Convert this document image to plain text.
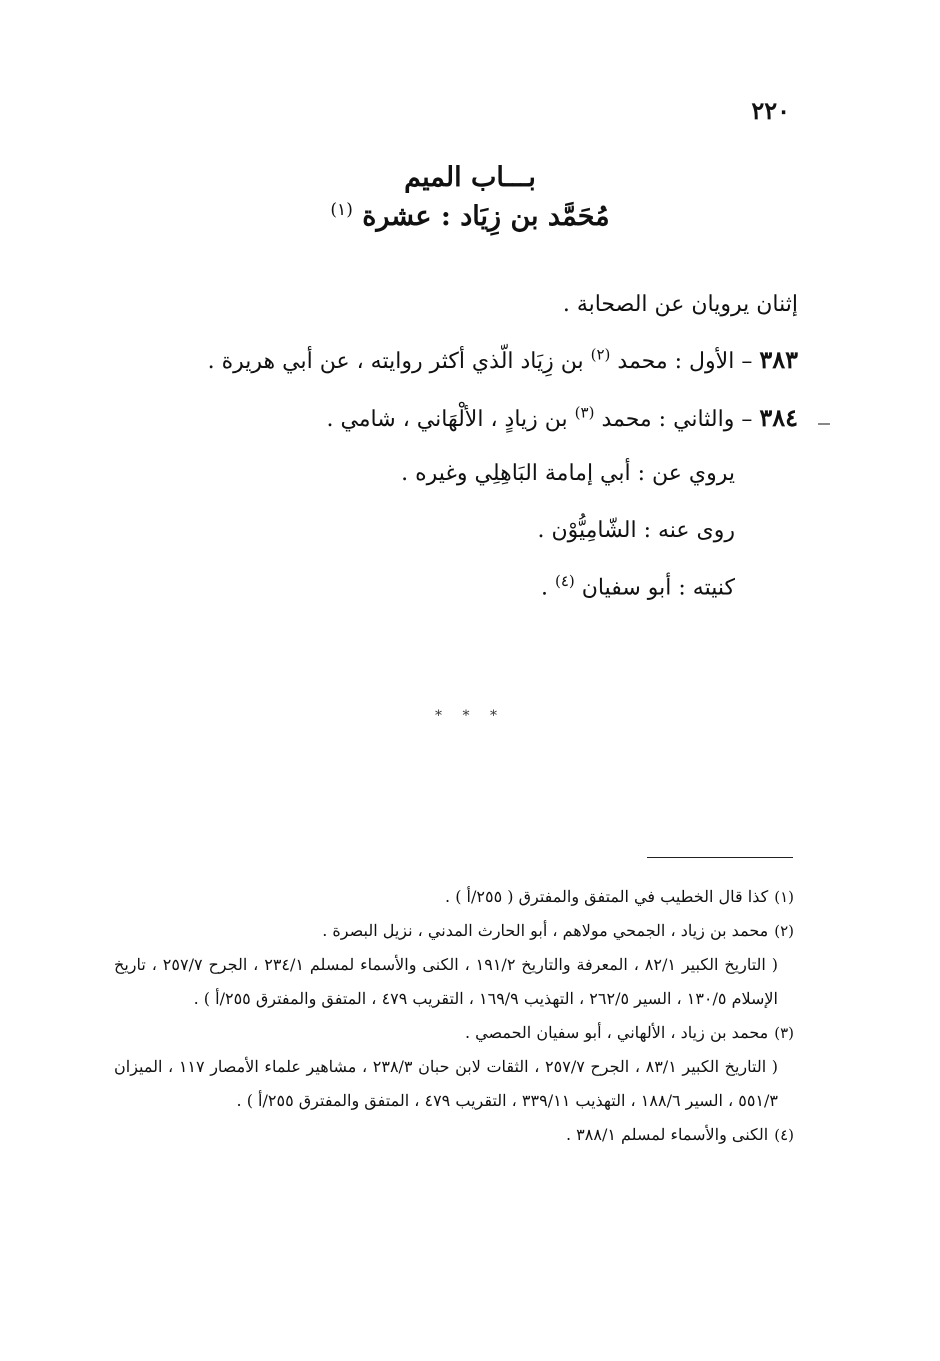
٢٢٠
بـــاب الميم
مُحَمَّد بن زِيَاد : عشرة $^{(١)}$
إثنان يرويان عن الصحابة .
٣٨٣ – الأول : محمد $^{(٢)}$ بن زِيَاد الّذي أكثر روايته ، عن أبي هريرة .
٣٨٤ – والثاني : محمد $^{(٣)}$ بن زيادٍ ، الألْهَاني ، شامي .
يروي عن : أبي إمامة البَاهِلِي وغيره .
روى عنه : الشّامِيُّوْن .
كنيته : أبو سفيان $^{(٤)}$ .
* * *
(١)كذا قال الخطيب في المتفق والمفترق ( ٢٥٥/أ ) .
(٢)محمد بن زياد ، الجمحي مولاهم ، أبو الحارث المدني ، نزيل البصرة .
( التاريخ الكبير ٨٢/١ ، المعرفة والتاريخ ١٩١/٢ ، الكنى والأسماء لمسلم ٢٣٤/١ ، الجرح ٢٥٧/٧ ، تاريخ الإسلام ١٣٠/٥ ، السير ٢٦٢/٥ ، التهذيب ١٦٩/٩ ، التقريب ٤٧٩ ، المتفق والمفترق ٢٥٥/أ ) .
(٣)محمد بن زياد ، الألهاني ، أبو سفيان الحمصي .
( التاريخ الكبير ٨٣/١ ، الجرح ٢٥٧/٧ ، الثقات لابن حبان ٢٣٨/٣ ، مشاهير علماء الأمصار ١١٧ ، الميزان ٥٥١/٣ ، السير ١٨٨/٦ ، التهذيب ٣٣٩/١١ ، التقريب ٤٧٩ ، المتفق والمفترق ٢٥٥/أ ) .
(٤)الكنى والأسماء لمسلم ٣٨٨/١ .
